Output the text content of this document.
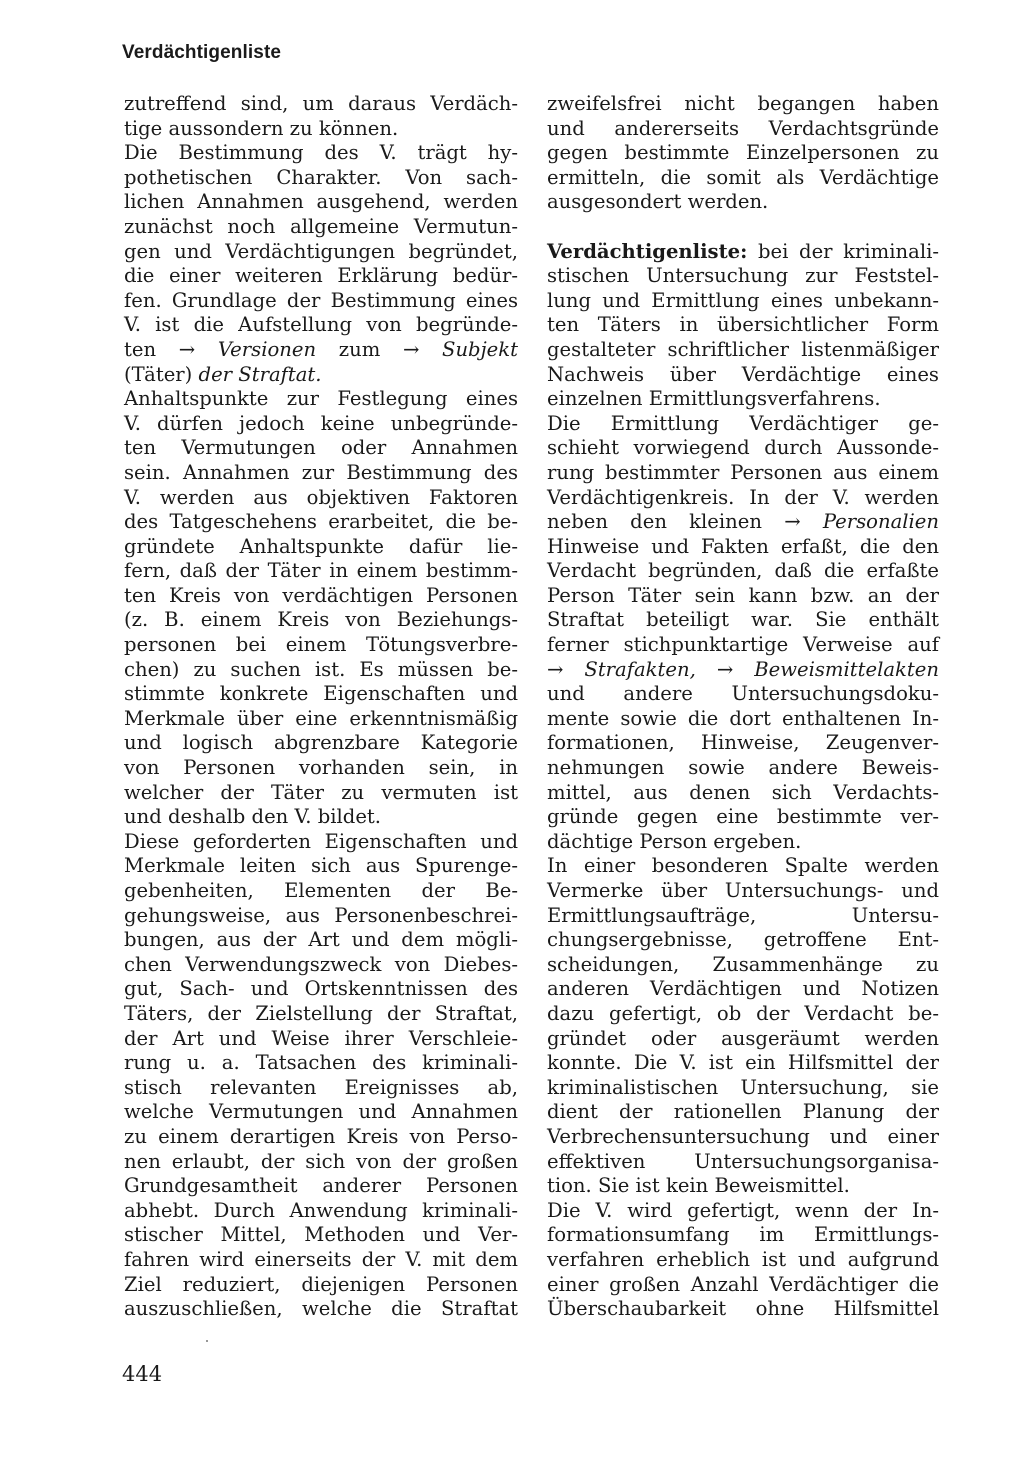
Verdächtigenliste
zutreffend sind, um daraus Verdäch-
tige aussondern zu können.
Die Bestimmung des V. trägt hy-
pothetischen Charakter. Von sach-
lichen Annahmen ausgehend, werden
zunächst noch allgemeine Vermutun-
gen und Verdächtigungen begründet,
die einer weiteren Erklärung bedür-
fen. Grundlage der Bestimmung eines
V. ist die Aufstellung von begründe-
ten → Versionen zum → Subjekt
(Täter) der Straftat.
Anhaltspunkte zur Festlegung eines
V. dürfen jedoch keine unbegründe-
ten Vermutungen oder Annahmen
sein. Annahmen zur Bestimmung des
V. werden aus objektiven Faktoren
des Tatgeschehens erarbeitet, die be-
gründete Anhaltspunkte dafür lie-
fern, daß der Täter in einem bestimm-
ten Kreis von verdächtigen Personen
(z. B. einem Kreis von Beziehungs-
personen bei einem Tötungsverbre-
chen) zu suchen ist. Es müssen be-
stimmte konkrete Eigenschaften und
Merkmale über eine erkenntnismäßig
und logisch abgrenzbare Kategorie
von Personen vorhanden sein, in
welcher der Täter zu vermuten ist
und deshalb den V. bildet.
Diese geforderten Eigenschaften und
Merkmale leiten sich aus Spurenge-
gebenheiten, Elementen der Be-
gehungsweise, aus Personenbeschrei-
bungen, aus der Art und dem mögli-
chen Verwendungszweck von Diebes-
gut, Sach- und Ortskenntnissen des
Täters, der Zielstellung der Straftat,
der Art und Weise ihrer Verschleie-
rung u. a. Tatsachen des kriminali-
stisch relevanten Ereignisses ab,
welche Vermutungen und Annahmen
zu einem derartigen Kreis von Perso-
nen erlaubt, der sich von der großen
Grundgesamtheit anderer Personen
abhebt. Durch Anwendung kriminali-
stischer Mittel, Methoden und Ver-
fahren wird einerseits der V. mit dem
Ziel reduziert, diejenigen Personen
auszuschließen, welche die Straftat
zweifelsfrei nicht begangen haben
und andererseits Verdachtsgründe
gegen bestimmte Einzelpersonen zu
ermitteln, die somit als Verdächtige
ausgesondert werden.
Verdächtigenliste: bei der kriminali-
stischen Untersuchung zur Feststel-
lung und Ermittlung eines unbekann-
ten Täters in übersichtlicher Form
gestalteter schriftlicher listenmäßiger
Nachweis über Verdächtige eines
einzelnen Ermittlungsverfahrens.
Die Ermittlung Verdächtiger ge-
schieht vorwiegend durch Aussonde-
rung bestimmter Personen aus einem
Verdächtigenkreis. In der V. werden
neben den kleinen → Personalien
Hinweise und Fakten erfaßt, die den
Verdacht begründen, daß die erfaßte
Person Täter sein kann bzw. an der
Straftat beteiligt war. Sie enthält
ferner stichpunktartige Verweise auf
→ Strafakten, → Beweismittelakten
und andere Untersuchungsdoku-
mente sowie die dort enthaltenen In-
formationen, Hinweise, Zeugenver-
nehmungen sowie andere Beweis-
mittel, aus denen sich Verdachts-
gründe gegen eine bestimmte ver-
dächtige Person ergeben.
In einer besonderen Spalte werden
Vermerke über Untersuchungs- und
Ermittlungsaufträge, Untersu-
chungsergebnisse, getroffene Ent-
scheidungen, Zusammenhänge zu
anderen Verdächtigen und Notizen
dazu gefertigt, ob der Verdacht be-
gründet oder ausgeräumt werden
konnte. Die V. ist ein Hilfsmittel der
kriminalistischen Untersuchung, sie
dient der rationellen Planung der
Verbrechensuntersuchung und einer
effektiven Untersuchungsorganisa-
tion. Sie ist kein Beweismittel.
Die V. wird gefertigt, wenn der In-
formationsumfang im Ermittlungs-
verfahren erheblich ist und aufgrund
einer großen Anzahl Verdächtiger die
Überschaubarkeit ohne Hilfsmittel
444
